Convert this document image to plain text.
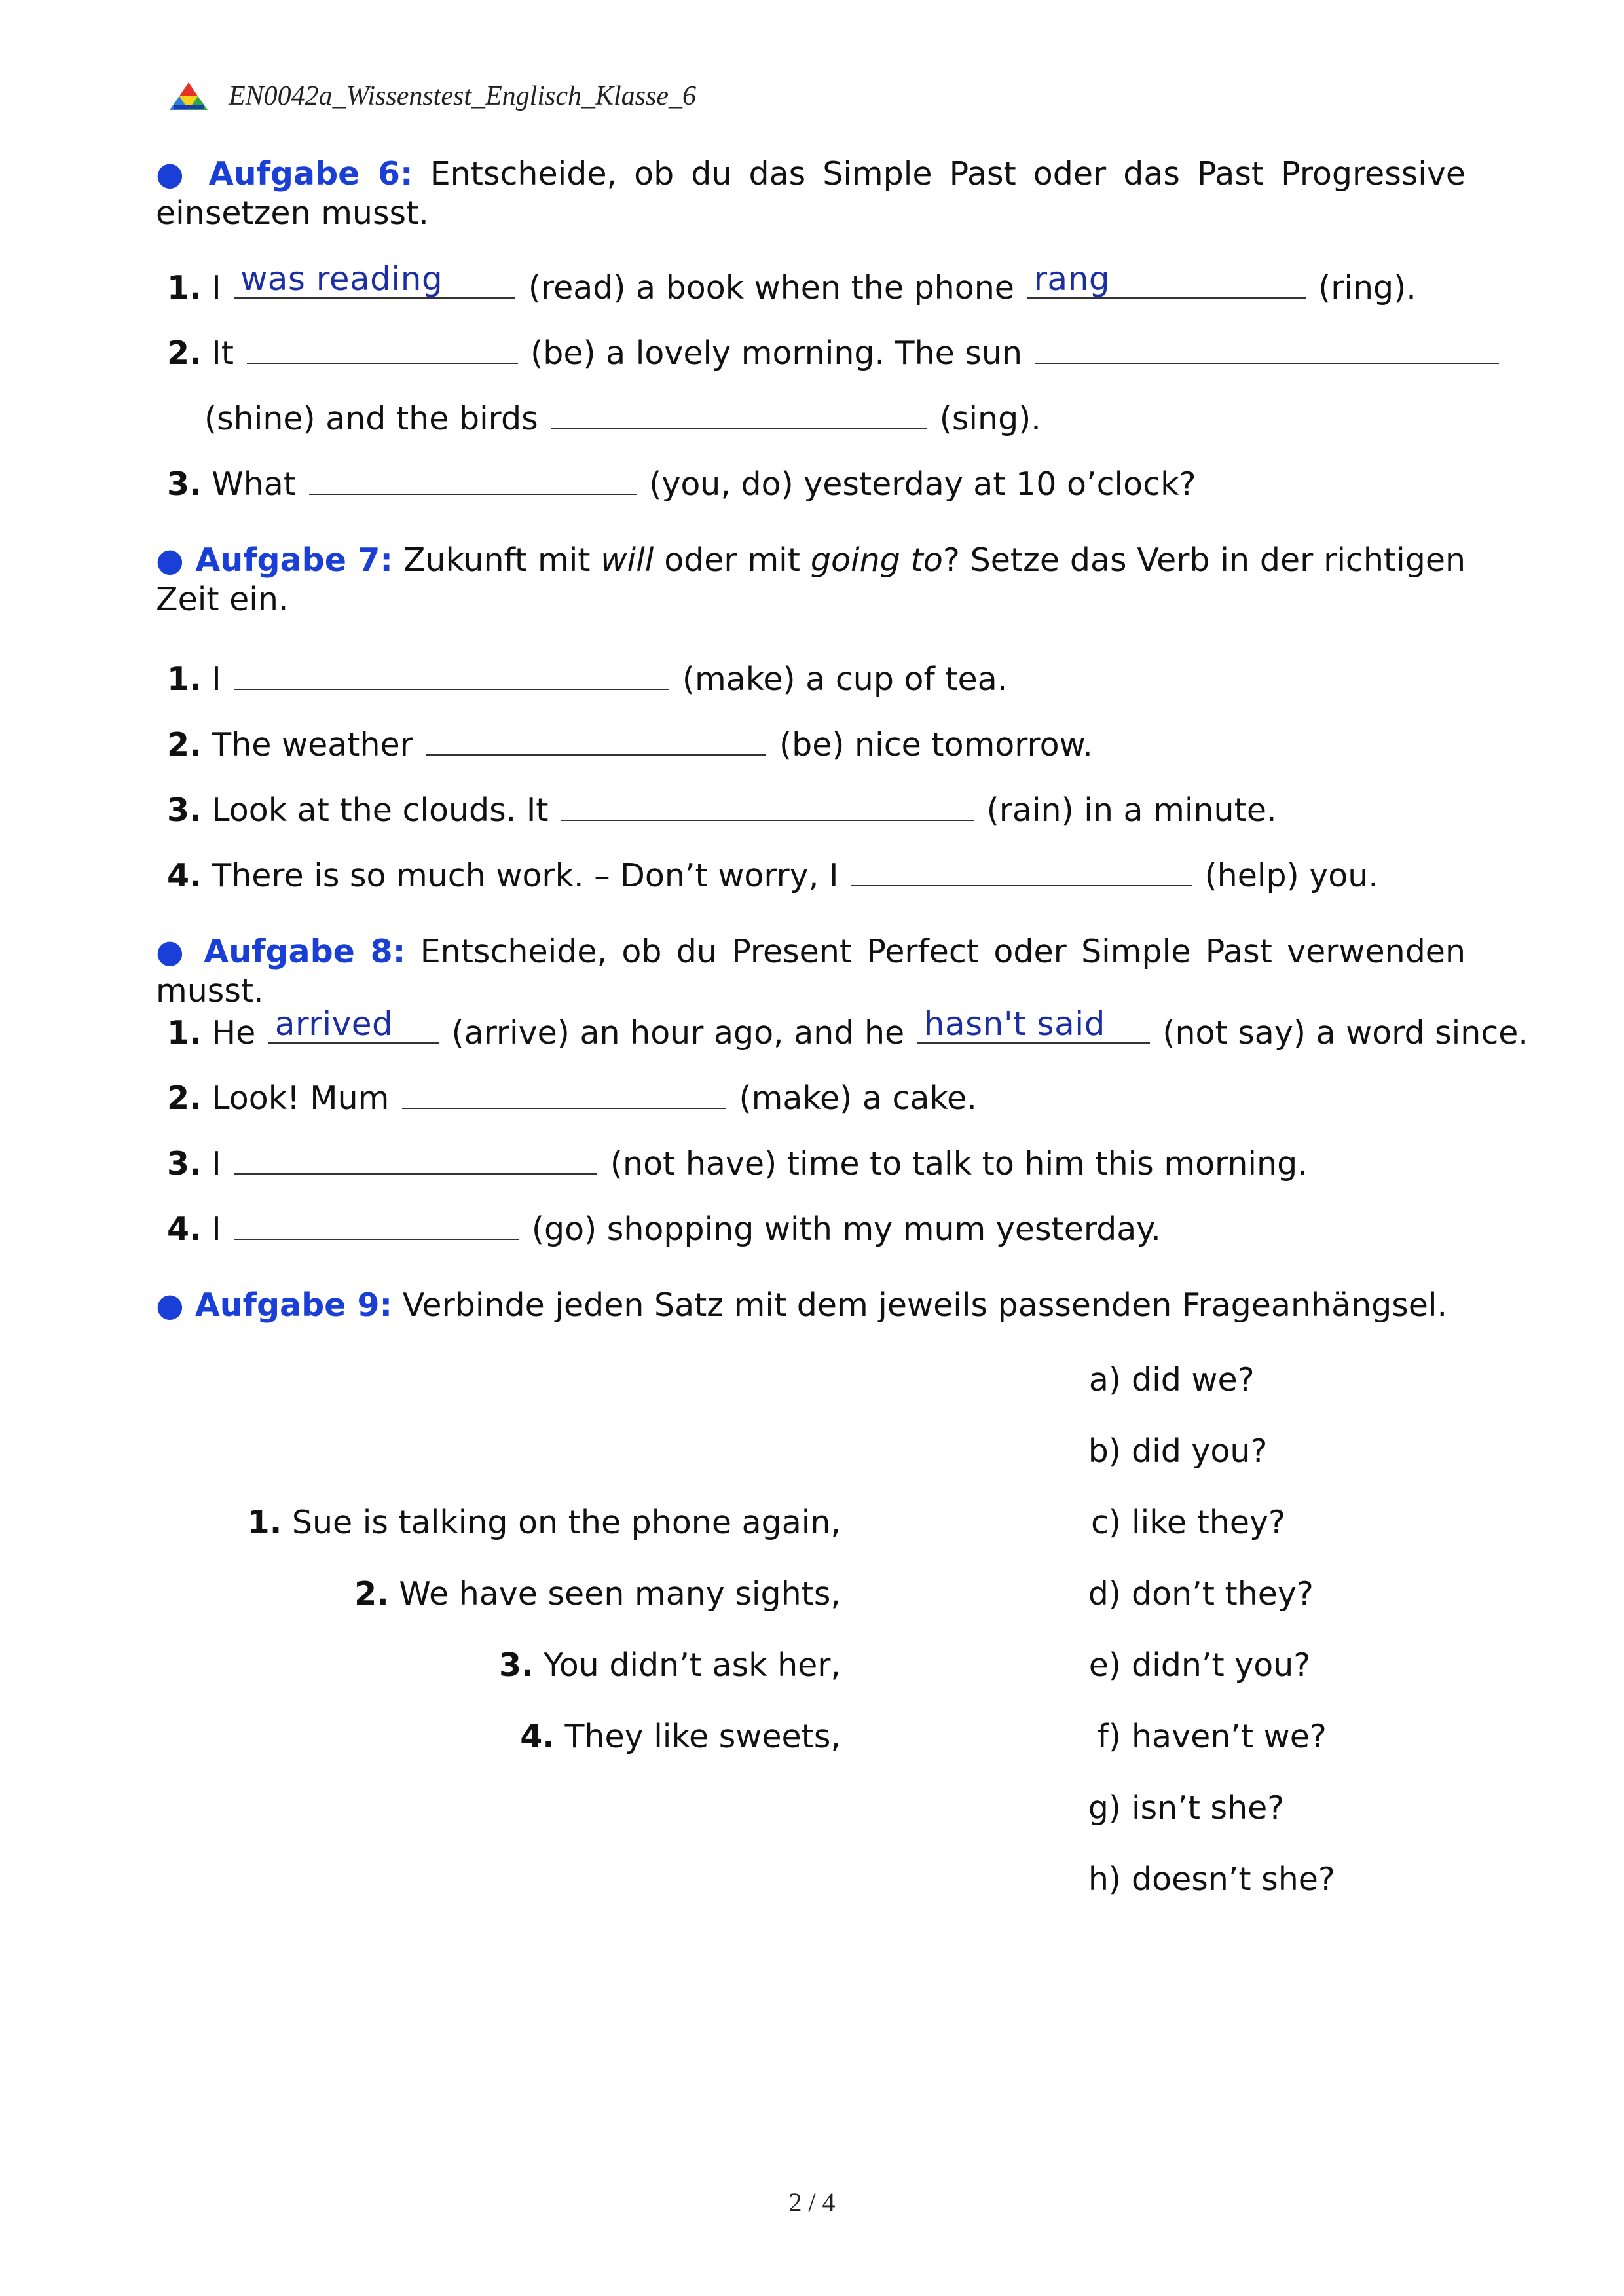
EN0042a_Wissenstest_Englisch_Klasse_6
● Aufgabe 6: Entscheide, ob du das Simple Past oder das Past Progressive einsetzen musst.
1. I was reading	(read) a book when the phone rang	(ring).
2. It	(be) a lovely morning. The sun
(shine) and the birds	(sing).
3. What	(you, do) yesterday at 10 o’clock?
● Aufgabe 7: Zukunft mit will oder mit going to? Setze das Verb in der richtigen Zeit ein.
1. I	(make) a cup of tea.
2. The weather	(be) nice tomorrow.
3. Look at the clouds. It	(rain) in a minute.
4. There is so much work. – Don’t worry, I	(help) you.
● Aufgabe 8: Entscheide, ob du Present Perfect oder Simple Past verwenden musst.
1. He arrived (arrive) an hour ago, and he hasn't said (not say) a word since.
2. Look! Mum	(make) a cake.
3. I	(not have) time to talk to him this morning.
4. I	(go) shopping with my mum yesterday.
● Aufgabe 9: Verbinde jeden Satz mit dem jeweils passenden Frageanhängsel.
1. Sue is talking on the phone again,
2. We have seen many sights,
3. You didn’t ask her,
4. They like sweets,
a) did we?
b) did you?
c) like they?
d) don’t they?
e) didn’t you?
f) haven’t we?
g) isn’t she?
h) doesn’t she?
2 / 4
